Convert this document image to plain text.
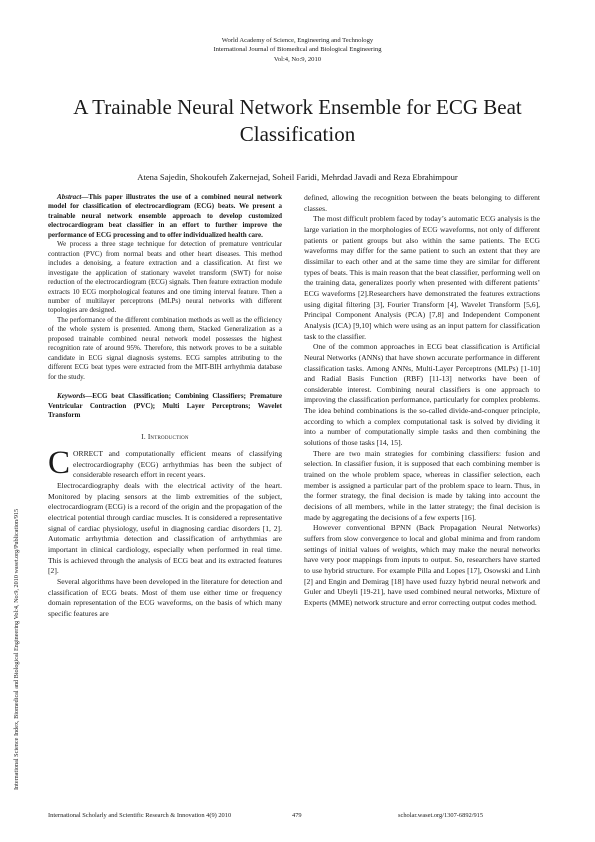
World Academy of Science, Engineering and Technology
International Journal of Biomedical and Biological Engineering
Vol:4, No:9, 2010
A Trainable Neural Network Ensemble for ECG Beat Classification
Atena Sajedin, Shokoufeh Zakernejad, Soheil Faridi, Mehrdad Javadi and Reza Ebrahimpour
International Science Index, Biomedical and Biological Engineering Vol:4, No:9, 2010 waset.org/Publication/915

Abstract—This paper illustrates the use of a combined neural network model for classification of electrocardiogram (ECG) beats. We present a trainable neural network ensemble approach to develop customized electrocardiogram beat classifier in an effort to further improve the performance of ECG processing and to offer individualized health care.

We process a three stage technique for detection of premature ventricular contraction (PVC) from normal beats and other heart diseases. This method includes a denoising, a feature extraction and a classification. At first we investigate the application of stationary wavelet transform (SWT) for noise reduction of the electrocardiogram (ECG) signals. Then feature extraction module extracts 10 ECG morphological features and one timing interval feature. Then a number of multilayer perceptrons (MLPs) neural networks with different topologies are designed.

The performance of the different combination methods as well as the efficiency of the whole system is presented. Among them, Stacked Generalization as a proposed trainable combined neural network model possesses the highest recognition rate of around 95%. Therefore, this network proves to be a suitable candidate in ECG signal diagnosis systems. ECG samples attributing to the different ECG beat types were extracted from the MIT-BIH arrhythmia database for the study.

Keywords—ECG beat Classification; Combining Classifiers; Premature Ventricular Contraction (PVC); Multi Layer Perceptrons; Wavelet Transform

I. Introduction

CORRECT and computationally efficient means of classifying electrocardiography (ECG) arrhythmias has been the subject of considerable research effort in recent years.

Electrocardiography deals with the electrical activity of the heart. Monitored by placing sensors at the limb extremities of the subject, electrocardiogram (ECG) is a record of the origin and the propagation of the electrical potential through cardiac muscles. It is considered a representative signal of cardiac physiology, useful in diagnosing cardiac disorders [1, 2]. Automatic arrhythmia detection and classification of arrhythmias are important in clinical cardiology, especially when performed in real time. This is achieved through the analysis of ECG beat and its extracted features [2].

Several algorithms have been developed in the literature for detection and classification of ECG beats. Most of them use either time or frequency domain representation of the ECG waveforms, on the basis of which many specific features are

defined, allowing the recognition between the beats belonging to different classes.

The most difficult problem faced by today’s automatic ECG analysis is the large variation in the morphologies of ECG waveforms, not only of different patients or patient groups but also within the same patients. The ECG waveforms may differ for the same patient to such an extent that they are dissimilar to each other and at the same time they are similar for different types of beats. This is main reason that the beat classifier, performing well on the training data, generalizes poorly when presented with different patients’ ECG waveforms [2].Researchers have demonstrated the features extractions using digital filtering [3], Fourier Transform [4], Wavelet Transform [5,6], Principal Component Analysis (PCA) [7,8] and Independent Component Analysis (ICA) [9,10] which were using as an input pattern for classification task to the classifier.

One of the common approaches in ECG beat classification is Artificial Neural Networks (ANNs) that have shown accurate performance in different classification tasks. Among ANNs, Multi-Layer Perceptrons (MLPs) [1-10] and Radial Basis Function (RBF) [11-13] networks have been of considerable interest. Combining neural classifiers is one approach to improving the classification performance, particularly for complex problems. The idea behind combinations is the so-called divide-and-conquer principle, according to which a complex computational task is solved by dividing it into a number of computationally simple tasks and then combining the solutions of those tasks [14, 15].

There are two main strategies for combining classifiers: fusion and selection. In classifier fusion, it is supposed that each combining member is trained on the whole problem space, whereas in classifier selection, each member is assigned a particular part of the problem space to learn. Thus, in the former strategy, the final decision is made by taking into account the decisions of all members, while in the latter strategy; the final decision is made by aggregating the decisions of a few experts [16].

However conventional BPNN (Back Propagation Neural Networks) suffers from slow convergence to local and global minima and from random settings of initial values of weights, which may make the neural networks have very poor mappings from inputs to output. So, researchers have started to use hybrid structure. For example Pilla and Lopes [17], Osowski and Linh [2] and Engin and Demirag [18] have used fuzzy hybrid neural network and Guler and Ubeyli [19-21], have used combined neural networks, Mixture of Experts (MME) network structure and error correcting output codes method.

International Scholarly and Scientific Research & Innovation 4(9) 2010	479	scholar.waset.org/1307-6892/915
